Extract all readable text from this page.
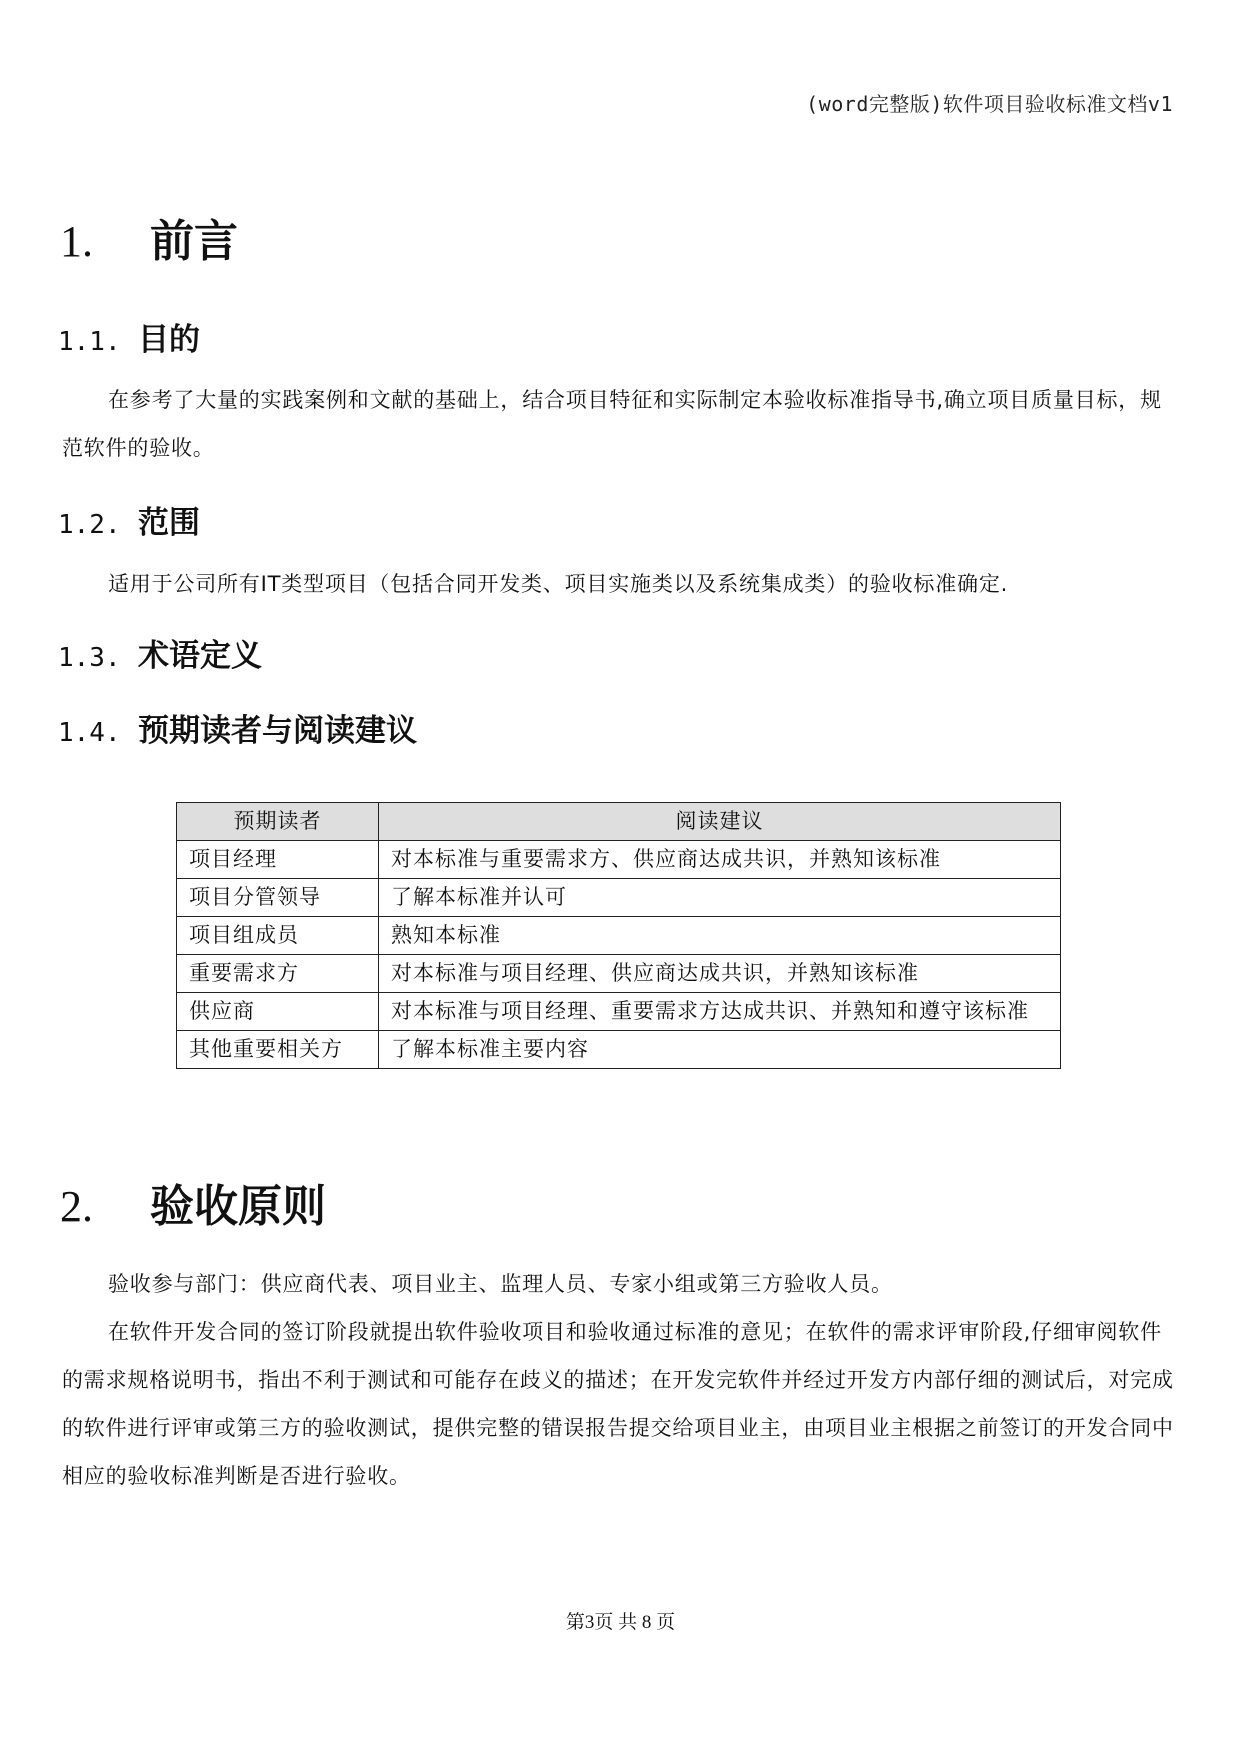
(word完整版)软件项目验收标准文档v1
1. 前言
1.1. 目的

在参考了大量的实践案例和文献的基础上，结合项目特征和实际制定本验收标准指导书,确立项目质量目标，规范软件的验收。

1.2. 范围

适用于公司所有IT类型项目（包括合同开发类、项目实施类以及系统集成类）的验收标准确定.

1.3. 术语定义
1.4. 预期读者与阅读建议
预期读者	阅读建议
项目经理	对本标准与重要需求方、供应商达成共识，并熟知该标准
项目分管领导	了解本标准并认可
项目组成员	熟知本标准
重要需求方	对本标准与项目经理、供应商达成共识，并熟知该标准
供应商	对本标准与项目经理、重要需求方达成共识、并熟知和遵守该标准
其他重要相关方	了解本标准主要内容
2. 验收原则

验收参与部门：供应商代表、项目业主、监理人员、专家小组或第三方验收人员。

在软件开发合同的签订阶段就提出软件验收项目和验收通过标准的意见；在软件的需求评审阶段,仔细审阅软件的需求规格说明书，指出不利于测试和可能存在歧义的描述；在开发完软件并经过开发方内部仔细的测试后，对完成的软件进行评审或第三方的验收测试，提供完整的错误报告提交给项目业主，由项目业主根据之前签订的开发合同中相应的验收标准判断是否进行验收。

第3页 共 8 页
